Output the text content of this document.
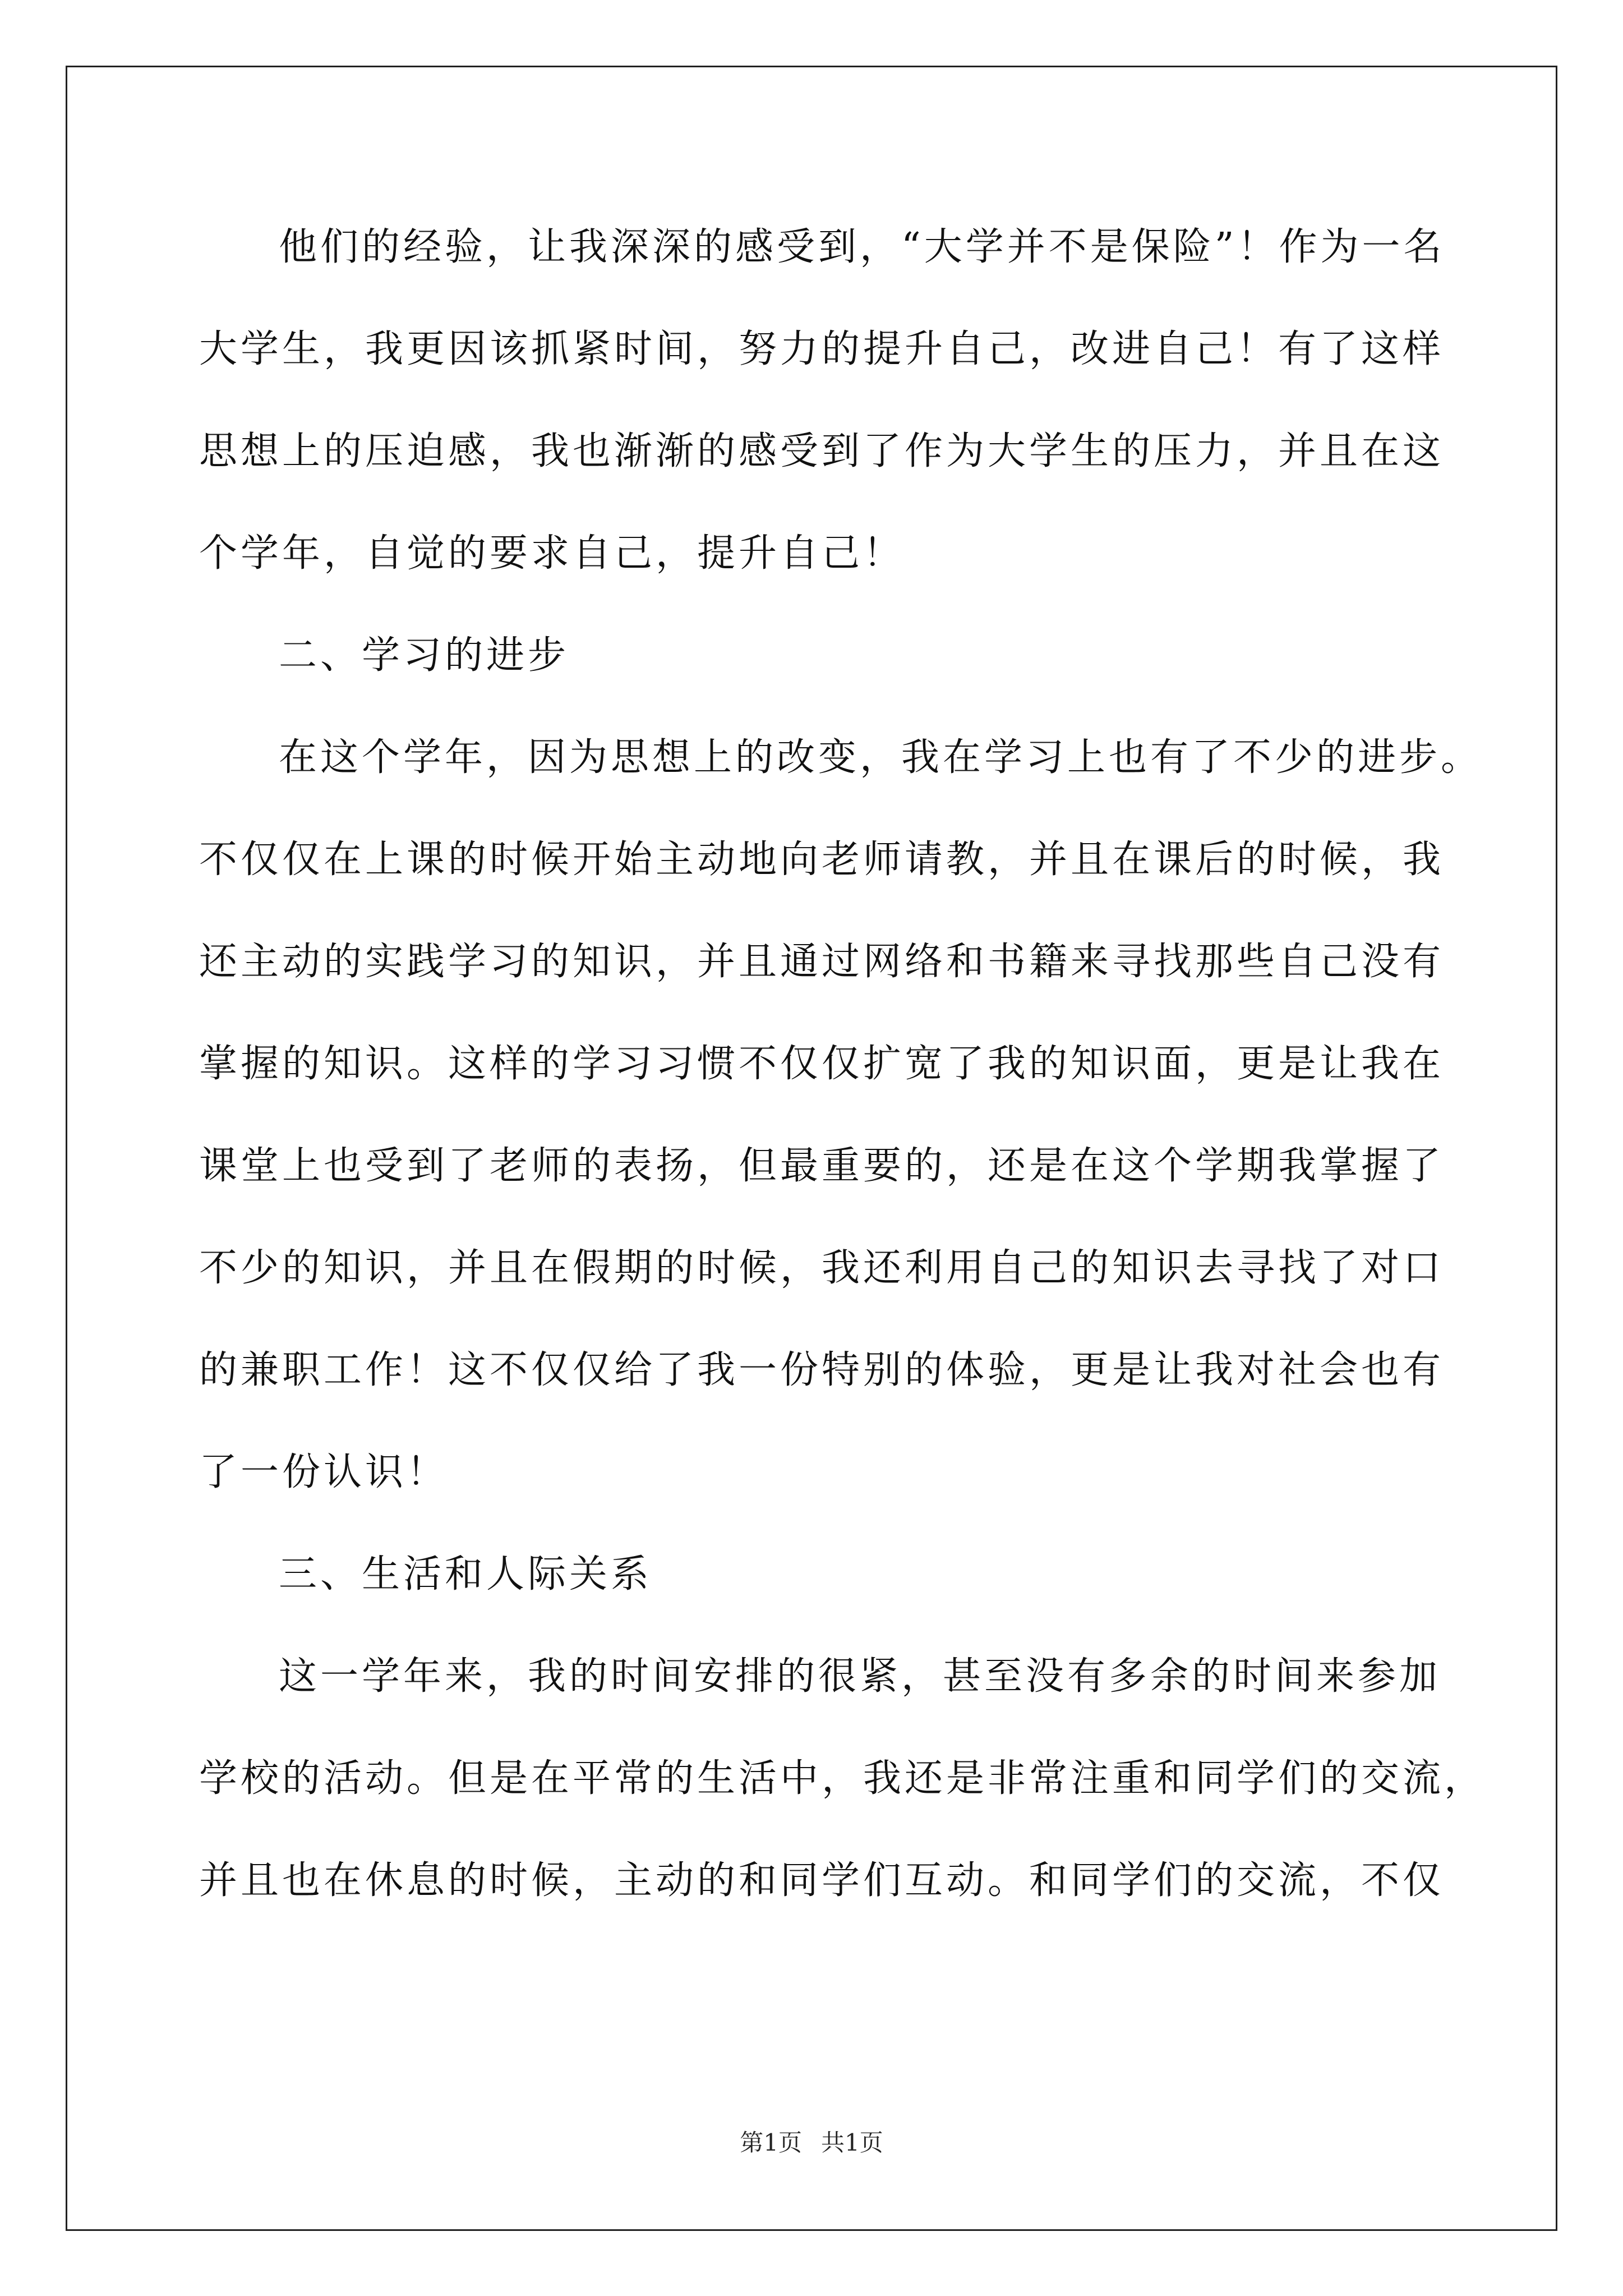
他们的经验，让我深深的感受到，“大学并不是保险”！作为一名
大学生，我更因该抓紧时间，努力的提升自己，改进自己！有了这样
思想上的压迫感，我也渐渐的感受到了作为大学生的压力，并且在这
个学年，自觉的要求自己，提升自己！
二、学习的进步
在这个学年，因为思想上的改变，我在学习上也有了不少的进步。
不仅仅在上课的时候开始主动地向老师请教，并且在课后的时候，我
还主动的实践学习的知识，并且通过网络和书籍来寻找那些自己没有
掌握的知识。这样的学习习惯不仅仅扩宽了我的知识面，更是让我在
课堂上也受到了老师的表扬，但最重要的，还是在这个学期我掌握了
不少的知识，并且在假期的时候，我还利用自己的知识去寻找了对口
的兼职工作！这不仅仅给了我一份特别的体验，更是让我对社会也有
了一份认识！
三、生活和人际关系
这一学年来，我的时间安排的很紧，甚至没有多余的时间来参加
学校的活动。但是在平常的生活中，我还是非常注重和同学们的交流，
并且也在休息的时候，主动的和同学们互动。和同学们的交流，不仅
第1页 共1页
